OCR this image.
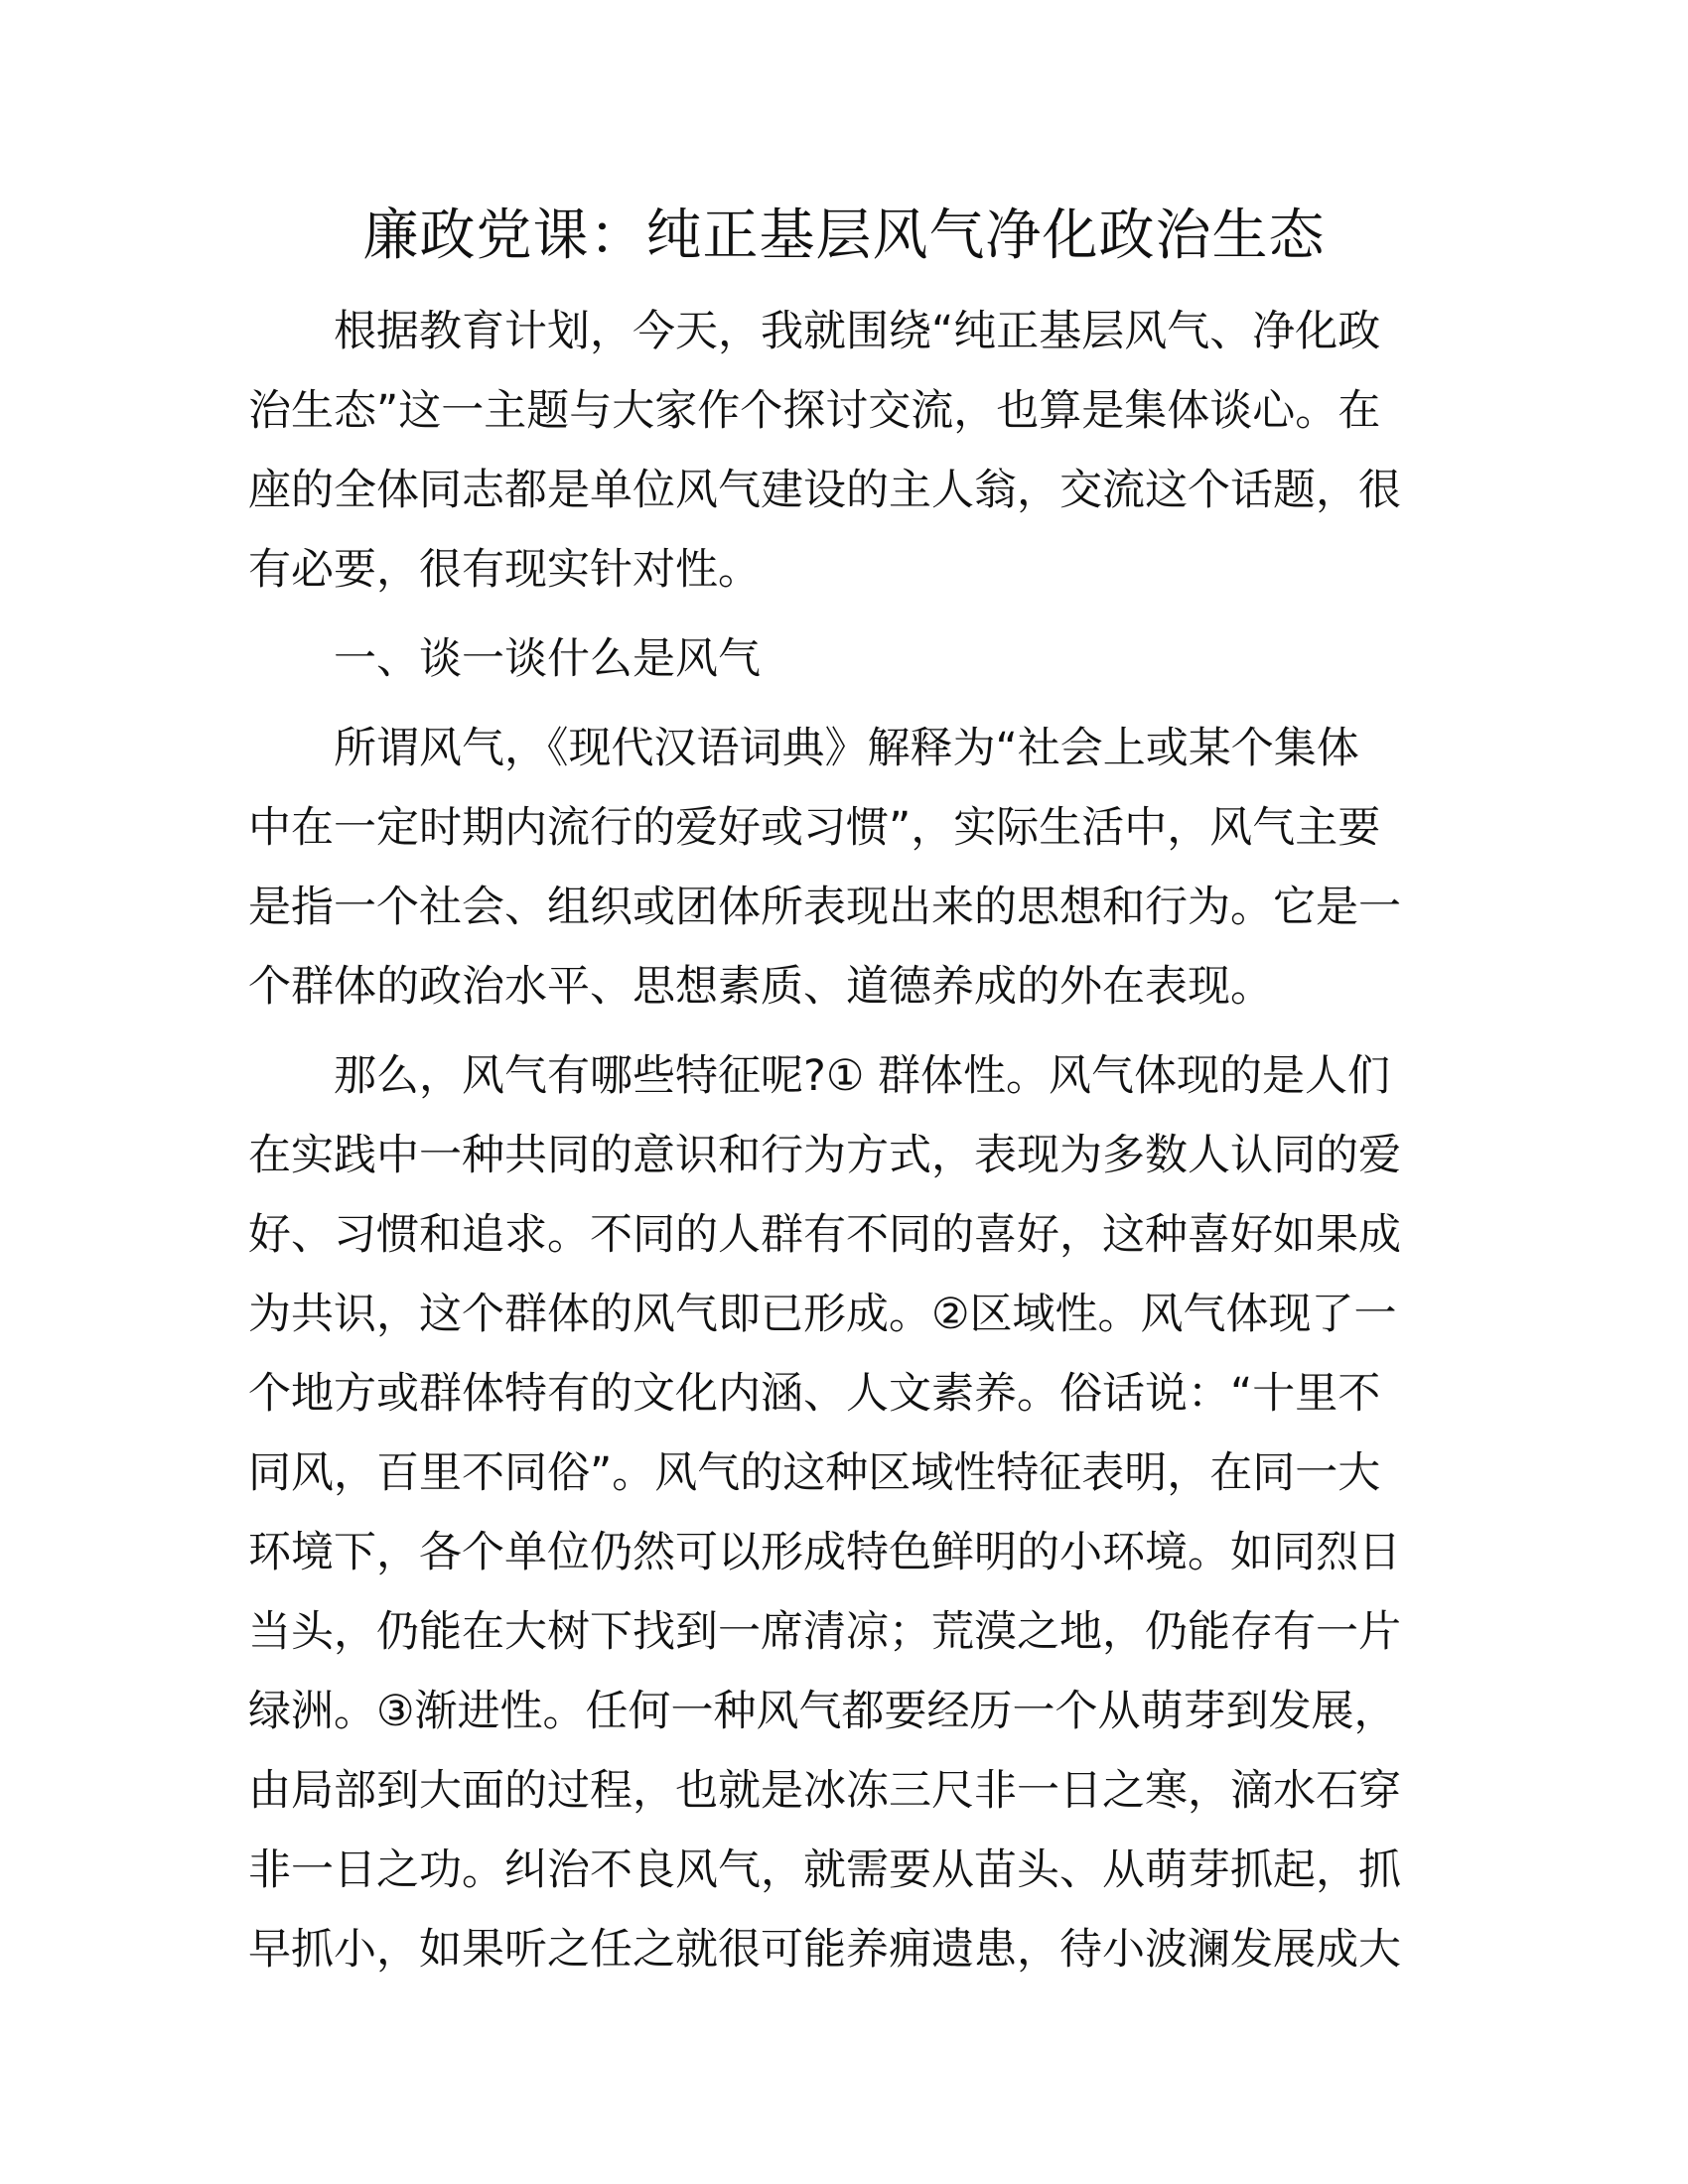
廉政党课：纯正基层风气净化政治生态
根据教育计划，今天，我就围绕“纯正基层风气、净化政
治生态”这一主题与大家作个探讨交流，也算是集体谈心。在
座的全体同志都是单位风气建设的主人翁，交流这个话题，很
有必要，很有现实针对性。
一、谈一谈什么是风气
所谓风气，《现代汉语词典》解释为“社会上或某个集体
中在一定时期内流行的爱好或习惯”，实际生活中，风气主要
是指一个社会、组织或团体所表现出来的思想和行为。它是一
个群体的政治水平、思想素质、道德养成的外在表现。
那么，风气有哪些特征呢?① 群体性。风气体现的是人们
在实践中一种共同的意识和行为方式，表现为多数人认同的爱
好、习惯和追求。不同的人群有不同的喜好，这种喜好如果成
为共识，这个群体的风气即已形成。②区域性。风气体现了一
个地方或群体特有的文化内涵、人文素养。俗话说：“十里不
同风，百里不同俗”。风气的这种区域性特征表明，在同一大
环境下，各个单位仍然可以形成特色鲜明的小环境。如同烈日
当头，仍能在大树下找到一席清凉；荒漠之地，仍能存有一片
绿洲。③渐进性。任何一种风气都要经历一个从萌芽到发展，
由局部到大面的过程，也就是冰冻三尺非一日之寒，滴水石穿
非一日之功。纠治不良风气，就需要从苗头、从萌芽抓起，抓
早抓小，如果听之任之就很可能养痈遗患，待小波澜发展成大
